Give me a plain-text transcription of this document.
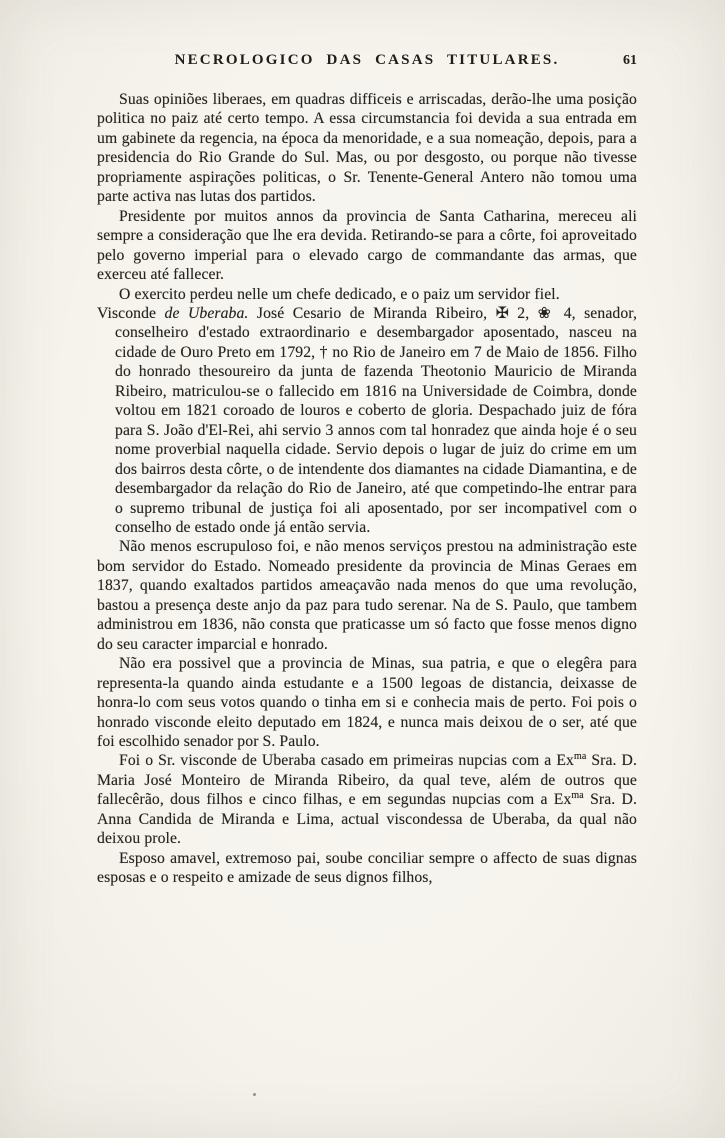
NECROLOGICO DAS CASAS TITULARES.	61

Suas opiniões liberaes, em quadras difficeis e arriscadas, derão-lhe uma posição politica no paiz até certo tempo. A essa circumstancia foi devida a sua entrada em um gabinete da regencia, na época da menoridade, e a sua nomeação, depois, para a presidencia do Rio Grande do Sul. Mas, ou por desgosto, ou porque não tivesse propriamente aspirações politicas, o Sr. Tenente-General Antero não tomou uma parte activa nas lutas dos partidos.

Presidente por muitos annos da provincia de Santa Catharina, mereceu ali sempre a consideração que lhe era devida. Retirando-se para a côrte, foi aproveitado pelo governo imperial para o elevado cargo de commandante das armas, que exerceu até fallecer.

O exercito perdeu nelle um chefe dedicado, e o paiz um servidor fiel.

Visconde de Uberaba. José Cesario de Miranda Ribeiro, ✠ 2, ❀ 4, senador, conselheiro d'estado extraordinario e desembargador aposentado, nasceu na cidade de Ouro Preto em 1792, † no Rio de Janeiro em 7 de Maio de 1856. Filho do honrado thesoureiro da junta de fazenda Theotonio Mauricio de Miranda Ribeiro, matriculou-se o fallecido em 1816 na Universidade de Coimbra, donde voltou em 1821 coroado de louros e coberto de gloria. Despachado juiz de fóra para S. João d'El-Rei, ahi servio 3 annos com tal honradez que ainda hoje é o seu nome proverbial naquella cidade. Servio depois o lugar de juiz do crime em um dos bairros desta côrte, o de intendente dos diamantes na cidade Diamantina, e de desembargador da relação do Rio de Janeiro, até que competindo-lhe entrar para o supremo tribunal de justiça foi ali aposentado, por ser incompativel com o conselho de estado onde já então servia.

Não menos escrupuloso foi, e não menos serviços prestou na administração este bom servidor do Estado. Nomeado presidente da provincia de Minas Geraes em 1837, quando exaltados partidos ameaçavão nada menos do que uma revolução, bastou a presença deste anjo da paz para tudo serenar. Na de S. Paulo, que tambem administrou em 1836, não consta que praticasse um só facto que fosse menos digno do seu caracter imparcial e honrado.

Não era possivel que a provincia de Minas, sua patria, e que o elegêra para representa-la quando ainda estudante e a 1500 legoas de distancia, deixasse de honra-lo com seus votos quando o tinha em si e conhecia mais de perto. Foi pois o honrado visconde eleito deputado em 1824, e nunca mais deixou de o ser, até que foi escolhido senador por S. Paulo.

Foi o Sr. visconde de Uberaba casado em primeiras nupcias com a $Ex^{ma}$ Sra. D. Maria José Monteiro de Miranda Ribeiro, da qual teve, além de outros que fallecêrão, dous filhos e cinco filhas, e em segundas nupcias com a $Ex^{ma}$ Sra. D. Anna Candida de Miranda e Lima, actual viscondessa de Uberaba, da qual não deixou prole.

Esposo amavel, extremoso pai, soube conciliar sempre o affecto de suas dignas esposas e o respeito e amizade de seus dignos filhos,
